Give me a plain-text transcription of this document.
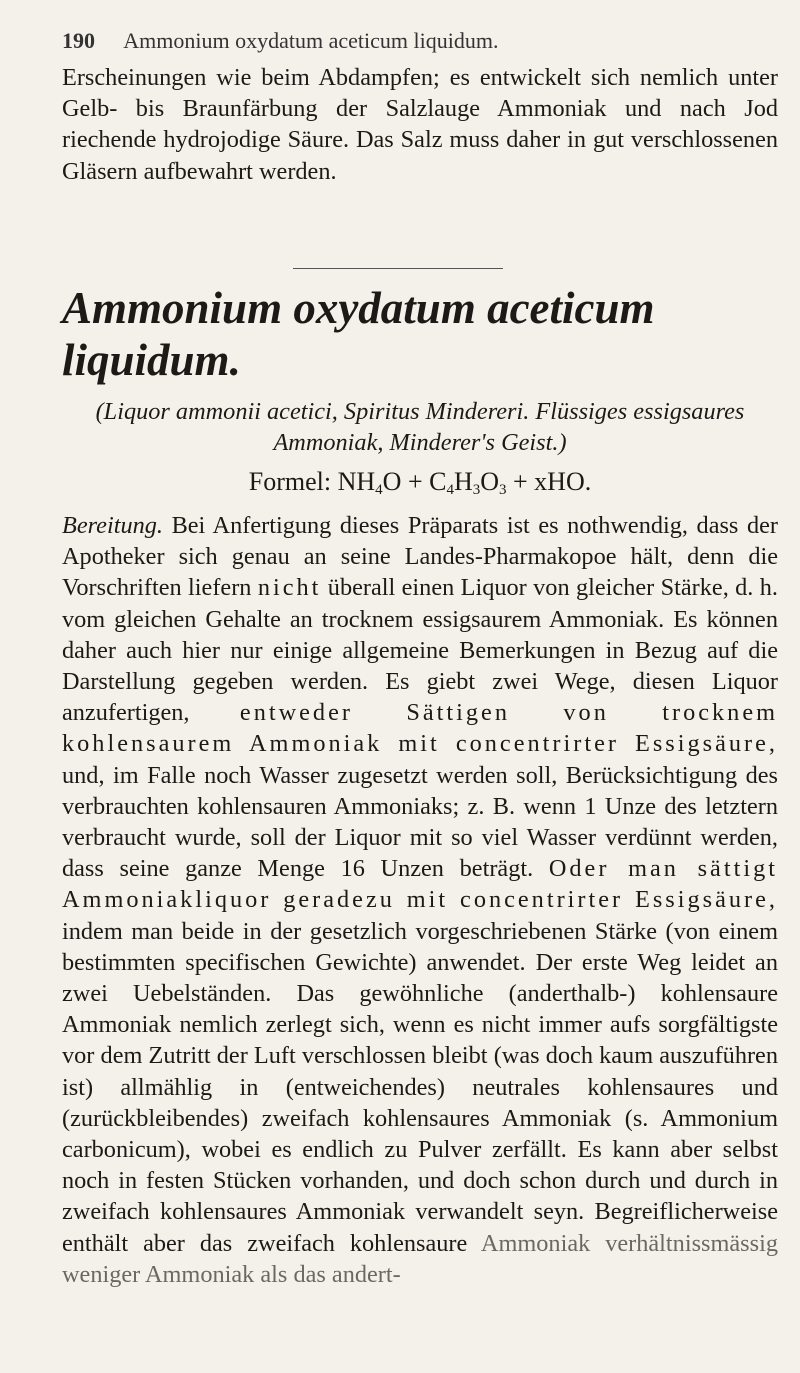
190 Ammonium oxydatum aceticum liquidum.

Erscheinungen wie beim Abdampfen; es entwickelt sich nemlich unter Gelb- bis Braunfärbung der Salzlauge Ammoniak und nach Jod riechende hydrojodige Säure. Das Salz muss daher in gut verschlossenen Gläsern aufbewahrt werden.

Ammonium oxydatum aceticum liquidum.

(Liquor ammonii acetici, Spiritus Mindereri. Flüssiges essigsaures Ammoniak, Minderer's Geist.)

Formel: $NH_4O + C_4H_3O_3$ + xHO.

Bereitung. Bei Anfertigung dieses Präparats ist es nothwendig, dass der Apotheker sich genau an seine Landes-Pharmakopoe hält, denn die Vorschriften liefern nicht überall einen Liquor von gleicher Stärke, d. h. vom gleichen Gehalte an trocknem essigsaurem Ammoniak. Es können daher auch hier nur einige allgemeine Bemerkungen in Bezug auf die Darstellung gegeben werden. Es giebt zwei Wege, diesen Liquor anzufertigen, entweder Sättigen von trocknem kohlensaurem Ammoniak mit concentrirter Essigsäure, und, im Falle noch Wasser zugesetzt werden soll, Berücksichtigung des verbrauchten kohlensauren Ammoniaks; z. B. wenn 1 Unze des letztern verbraucht wurde, soll der Liquor mit so viel Wasser verdünnt werden, dass seine ganze Menge 16 Unzen beträgt. Oder man sättigt Ammoniakliquor geradezu mit concentrirter Essigsäure, indem man beide in der gesetzlich vorgeschriebenen Stärke (von einem bestimmten specifischen Gewichte) anwendet. Der erste Weg leidet an zwei Uebelständen. Das gewöhnliche (anderthalb-) kohlensaure Ammoniak nemlich zerlegt sich, wenn es nicht immer aufs sorgfältigste vor dem Zutritt der Luft verschlossen bleibt (was doch kaum auszuführen ist) allmählig in (entweichendes) neutrales kohlensaures und (zurückbleibendes) zweifach kohlensaures Ammoniak (s. Ammonium carbonicum), wobei es endlich zu Pulver zerfällt. Es kann aber selbst noch in festen Stücken vorhanden, und doch schon durch und durch in zweifach kohlensaures Ammoniak verwandelt seyn. Begreiflicherweise enthält aber das zweifach kohlensaure Ammoniak verhältnissmässig weniger Ammoniak als das andert-
